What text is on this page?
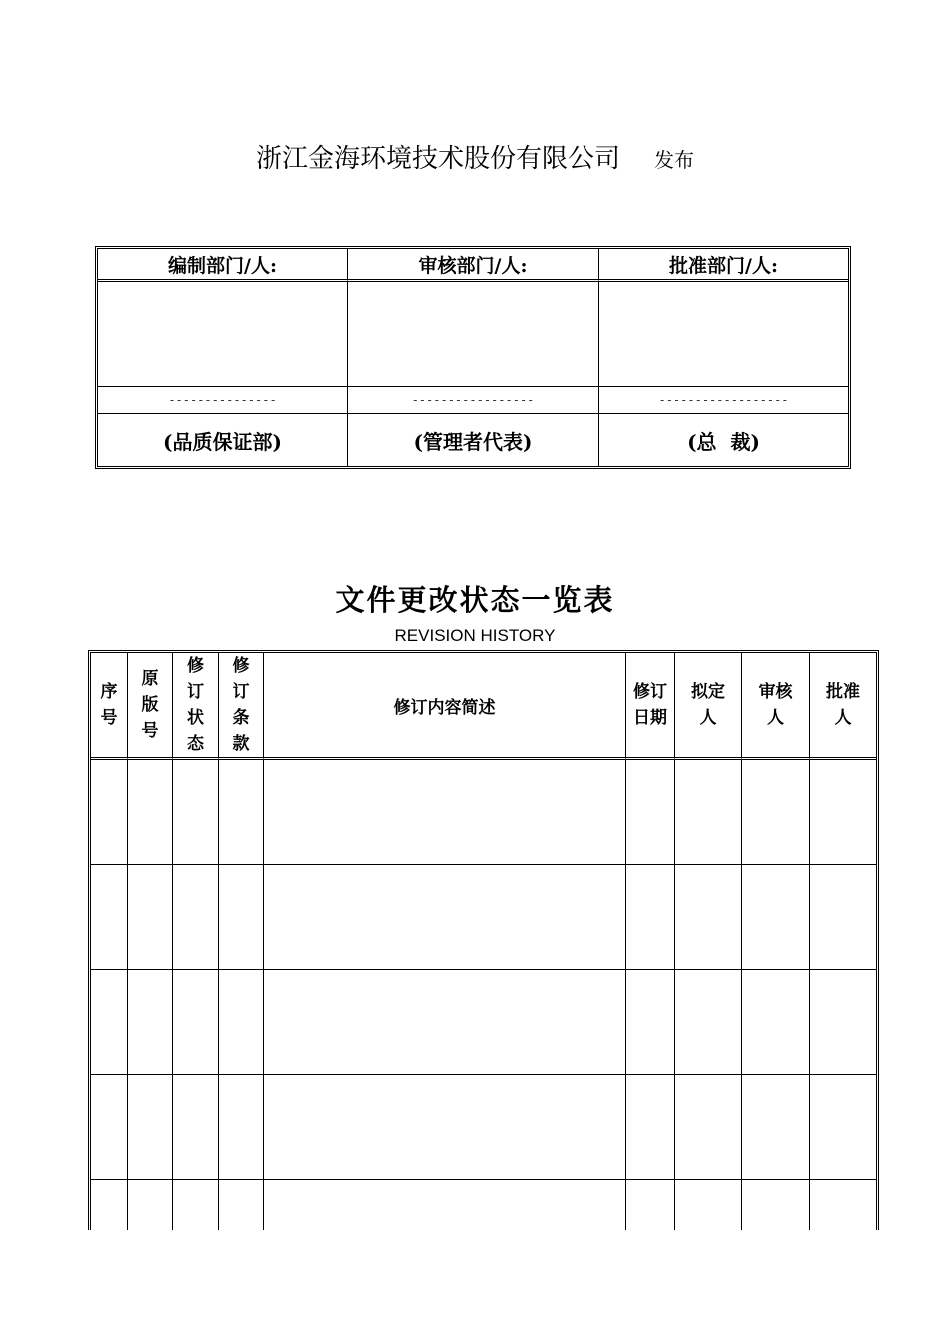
浙江金海环境技术股份有限公司 发布
编制部门/人:	审核部门/人:	批准部门/人:

---------------	-----------------	------------------
(品质保证部)	(管理者代表)	(总  裁)
文件更改状态一览表
REVISION HISTORY
序号	原版号	修订状态	修订条款	修订内容简述	修订日期	拟定人	审核人	批准人
